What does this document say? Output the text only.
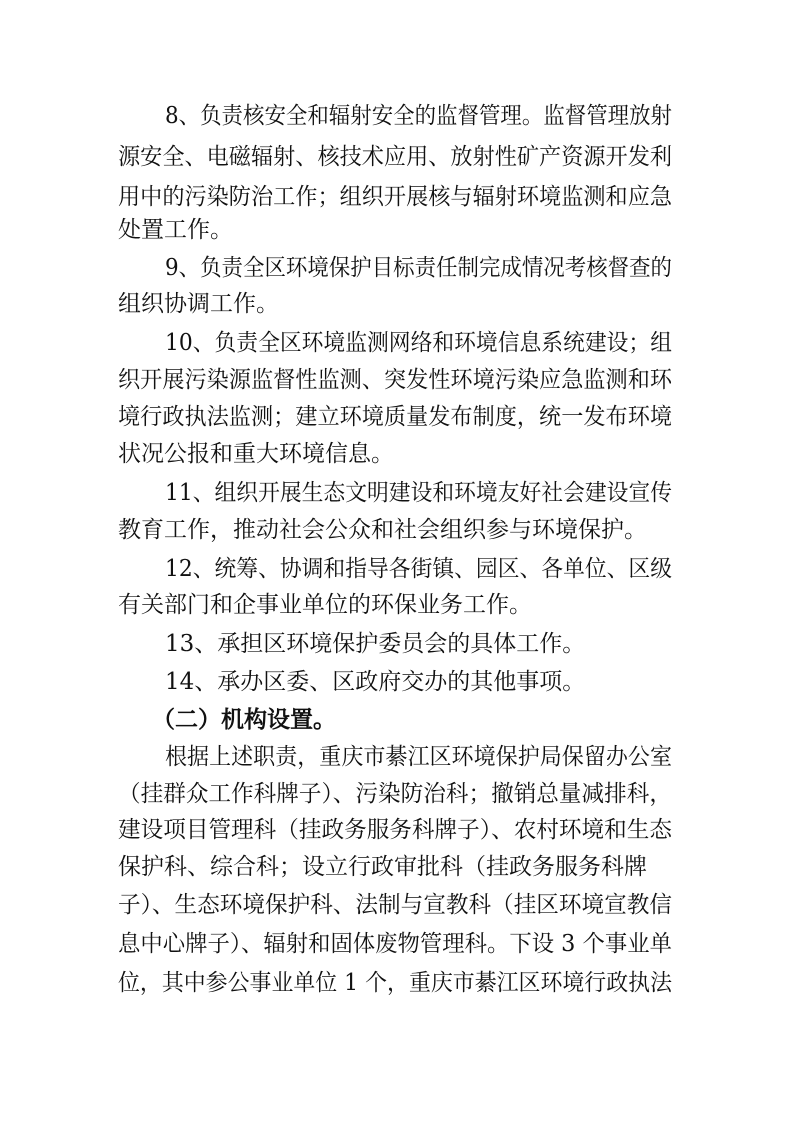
8、负责核安全和辐射安全的监督管理。监督管理放射
源安全、电磁辐射、核技术应用、放射性矿产资源开发利
用中的污染防治工作；组织开展核与辐射环境监测和应急
处置工作。
9、负责全区环境保护目标责任制完成情况考核督查的
组织协调工作。
10、负责全区环境监测网络和环境信息系统建设；组
织开展污染源监督性监测、突发性环境污染应急监测和环
境行政执法监测；建立环境质量发布制度，统一发布环境
状况公报和重大环境信息。
11、组织开展生态文明建设和环境友好社会建设宣传
教育工作，推动社会公众和社会组织参与环境保护。
12、统筹、协调和指导各街镇、园区、各单位、区级
有关部门和企事业单位的环保业务工作。
13、承担区环境保护委员会的具体工作。
14、承办区委、区政府交办的其他事项。
（二）机构设置。
根据上述职责，重庆市綦江区环境保护局保留办公室
（挂群众工作科牌子）、污染防治科；撤销总量减排科，
建设项目管理科（挂政务服务科牌子）、农村环境和生态
保护科、综合科；设立行政审批科（挂政务服务科牌
子）、生态环境保护科、法制与宣教科（挂区环境宣教信
息中心牌子）、辐射和固体废物管理科。下设 3 个事业单
位，其中参公事业单位 1 个，重庆市綦江区环境行政执法
